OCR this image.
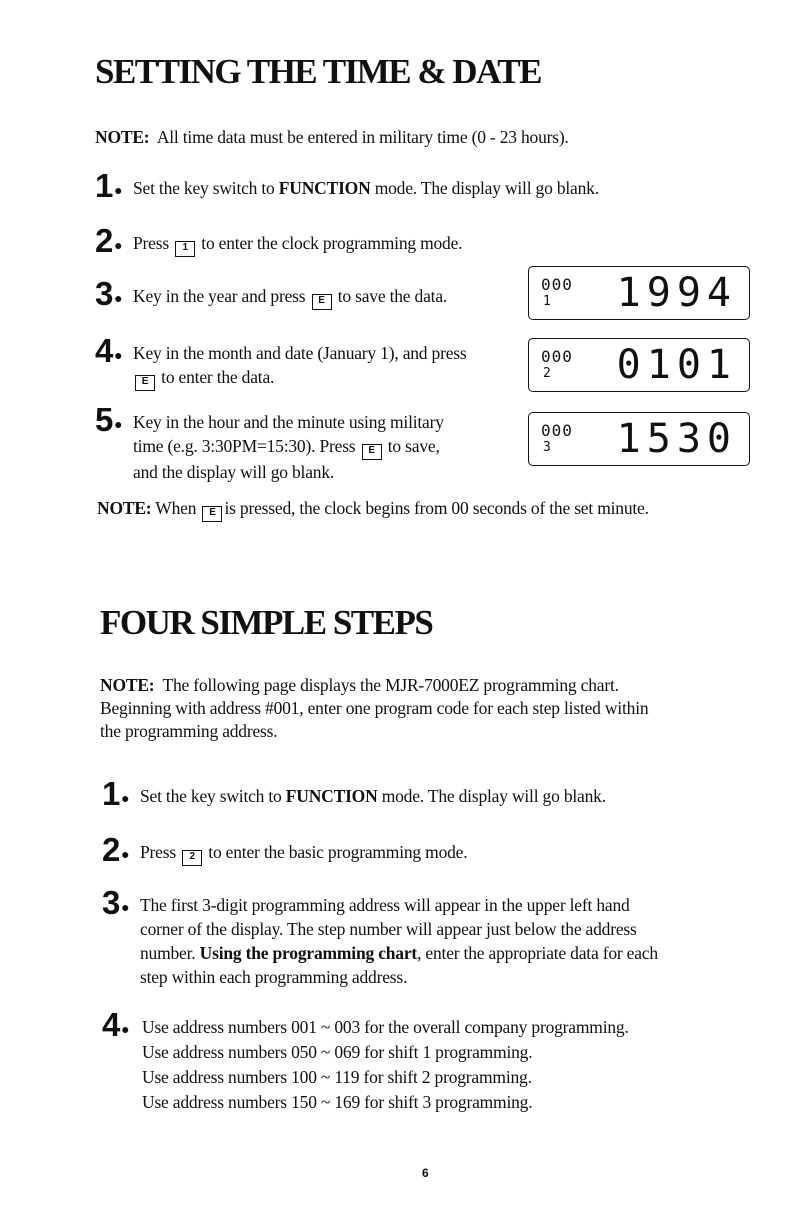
SETTING THE TIME & DATE
NOTE: All time data must be entered in military time (0 - 23 hours).
1● Set the key switch to FUNCTION mode. The display will go blank.
2● Press 1 to enter the clock programming mode.
3● Key in the year and press E to save the data.
4● Key in the month and date (January 1), and press
E to enter the data.
5● Key in the hour and the minute using military
time (e.g. 3:30PM=15:30). Press E to save,
and the display will go blank.
000
1 1994
000
2 0101
000
3 1530
NOTE: When E is pressed, the clock begins from 00 seconds of the set minute.
FOUR SIMPLE STEPS
NOTE: The following page displays the MJR-7000EZ programming chart.
Beginning with address #001, enter one program code for each step listed within
the programming address.
1● Set the key switch to FUNCTION mode. The display will go blank.
2● Press 2 to enter the basic programming mode.
3● The first 3-digit programming address will appear in the upper left hand
corner of the display. The step number will appear just below the address
number. Using the programming chart, enter the appropriate data for each
step within each programming address.
4● Use address numbers 001 ~ 003 for the overall company programming.
Use address numbers 050 ~ 069 for shift 1 programming.
Use address numbers 100 ~ 119 for shift 2 programming.
Use address numbers 150 ~ 169 for shift 3 programming.
6
